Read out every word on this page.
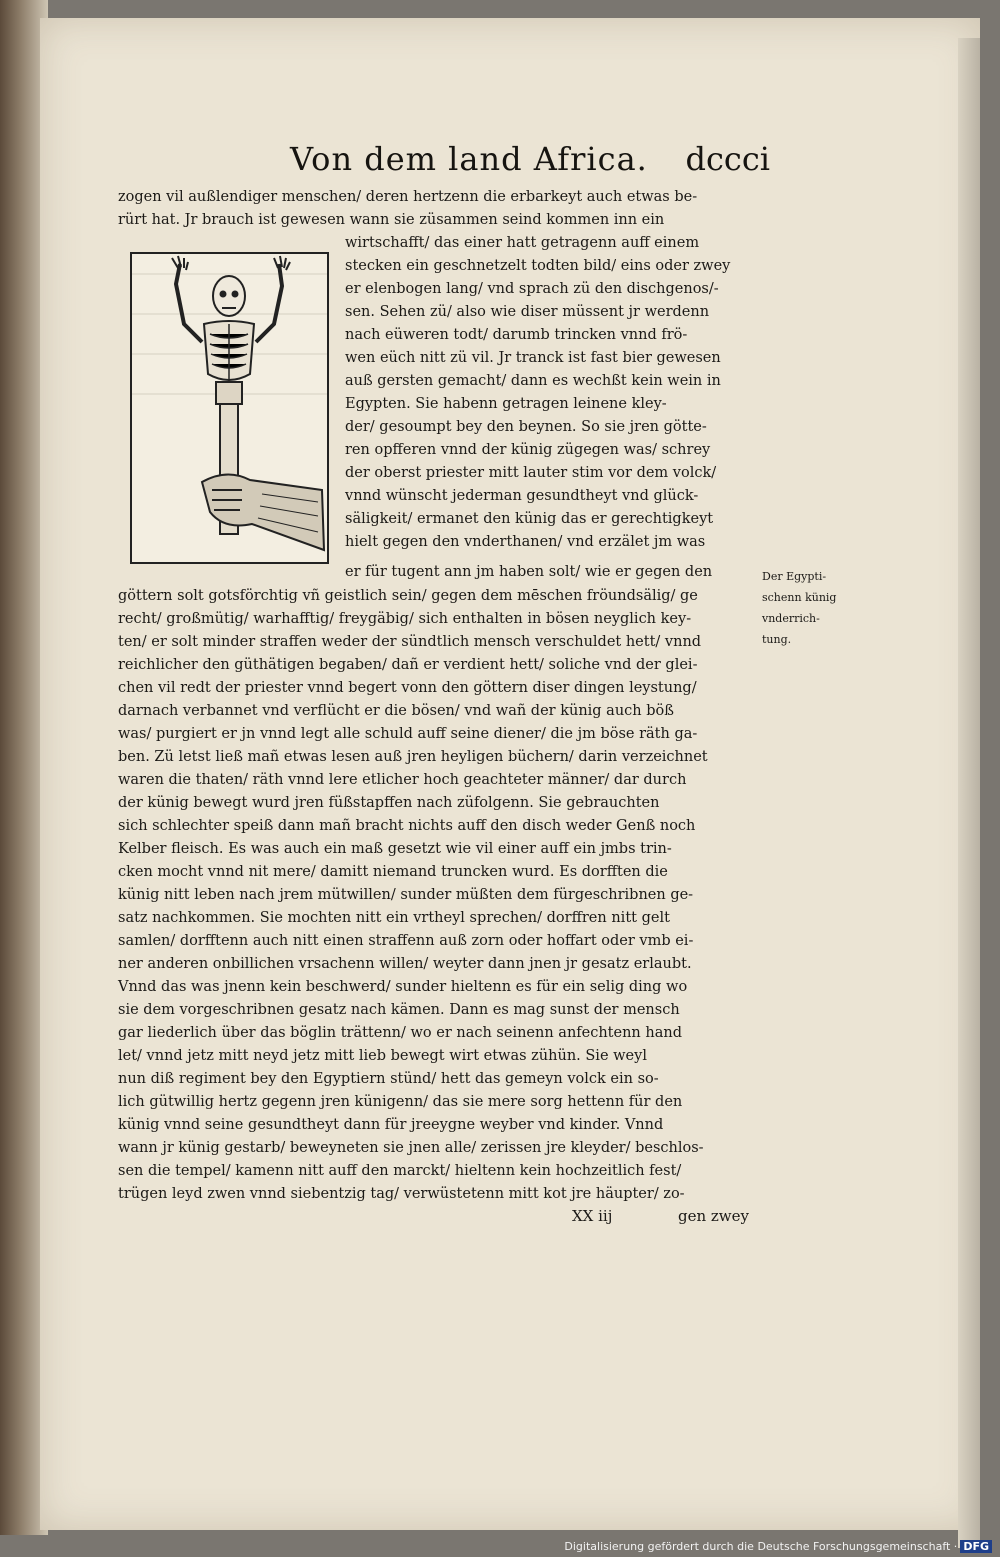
Von dem land Africa. dccci
zogen vil außlendiger menschen/ deren hertzenn die erbarkeyt auch etwas be-
rürt hat. Jr brauch ist gewesen wann sie züsammen seind kommen inn ein
wirtschafft/ das einer hatt getragenn auff einem
stecken ein geschnetzelt todten bild/ eins oder zwey
er elenbogen lang/ vnd sprach zü den dischgenos/-
sen. Sehen zü/ also wie diser müssent jr werdenn
nach eüweren todt/ darumb trincken vnnd frö-
wen eüch nitt zü vil. Jr tranck ist fast bier gewesen
auß gersten gemacht/ dann es wechßt kein wein in
Egypten. Sie habenn getragen leinene kley-
der/ gesoumpt bey den beynen. So sie jren götte-
ren opfferen vnnd der künig zügegen was/ schrey
der oberst priester mitt lauter stim vor dem volck/
vnnd wünscht jederman gesundtheyt vnd glück-
säligkeit/ ermanet den künig das er gerechtigkeyt
hielt gegen den vnderthanen/ vnd erzälet jm was
er für tugent ann jm haben solt/ wie er gegen den
göttern solt gotsförchtig vñ geistlich sein/ gegen dem mēschen fröundsälig/ ge
recht/ großmütig/ warhafftig/ freygäbig/ sich enthalten in bösen neyglich key-
ten/ er solt minder straffen weder der sündtlich mensch verschuldet hett/ vnnd
reichlicher den güthätigen begaben/ dañ er verdient hett/ soliche vnd der glei-
chen vil redt der priester vnnd begert vonn den göttern diser dingen leystung/
darnach verbannet vnd verflücht er die bösen/ vnd wañ der künig auch böß
was/ purgiert er jn vnnd legt alle schuld auff seine diener/ die jm böse räth ga-
ben. Zü letst ließ mañ etwas lesen auß jren heyligen büchern/ darin verzeichnet
waren die thaten/ räth vnnd lere etlicher hoch geachteter männer/ dar durch
der künig bewegt wurd jren füßstapffen nach züfolgenn. Sie gebrauchten
sich schlechter speiß dann mañ bracht nichts auff den disch weder Genß noch
Kelber fleisch. Es was auch ein maß gesetzt wie vil einer auff ein jmbs trin-
cken mocht vnnd nit mere/ damitt niemand truncken wurd. Es dorfften die
künig nitt leben nach jrem mütwillen/ sunder müßten dem fürgeschribnen ge-
satz nachkommen. Sie mochten nitt ein vrtheyl sprechen/ dorffren nitt gelt
samlen/ dorfftenn auch nitt einen straffenn auß zorn oder hoffart oder vmb ei-
ner anderen onbillichen vrsachenn willen/ weyter dann jnen jr gesatz erlaubt.
Vnnd das was jnenn kein beschwerd/ sunder hieltenn es für ein selig ding wo
sie dem vorgeschribnen gesatz nach kämen. Dann es mag sunst der mensch
gar liederlich über das böglin trättenn/ wo er nach seinenn anfechtenn hand
let/ vnnd jetz mitt neyd jetz mitt lieb bewegt wirt etwas zühün. Sie weyl
nun diß regiment bey den Egyptiern stünd/ hett das gemeyn volck ein so-
lich gütwillig hertz gegenn jren künigenn/ das sie mere sorg hettenn für den
künig vnnd seine gesundtheyt dann für jreeygne weyber vnd kinder. Vnnd
wann jr künig gestarb/ beweyneten sie jnen alle/ zerissen jre kleyder/ beschlos-
sen die tempel/ kamenn nitt auff den marckt/ hieltenn kein hochzeitlich fest/
trügen leyd zwen vnnd siebentzig tag/ verwüstetenn mitt kot jre häupter/ zo-
XX iij	gen zwey
Der Egypti-
schenn künig
vnderrich-
tung.
Digitalisierung gefördert durch die Deutsche Forschungsgemeinschaft · DFG
